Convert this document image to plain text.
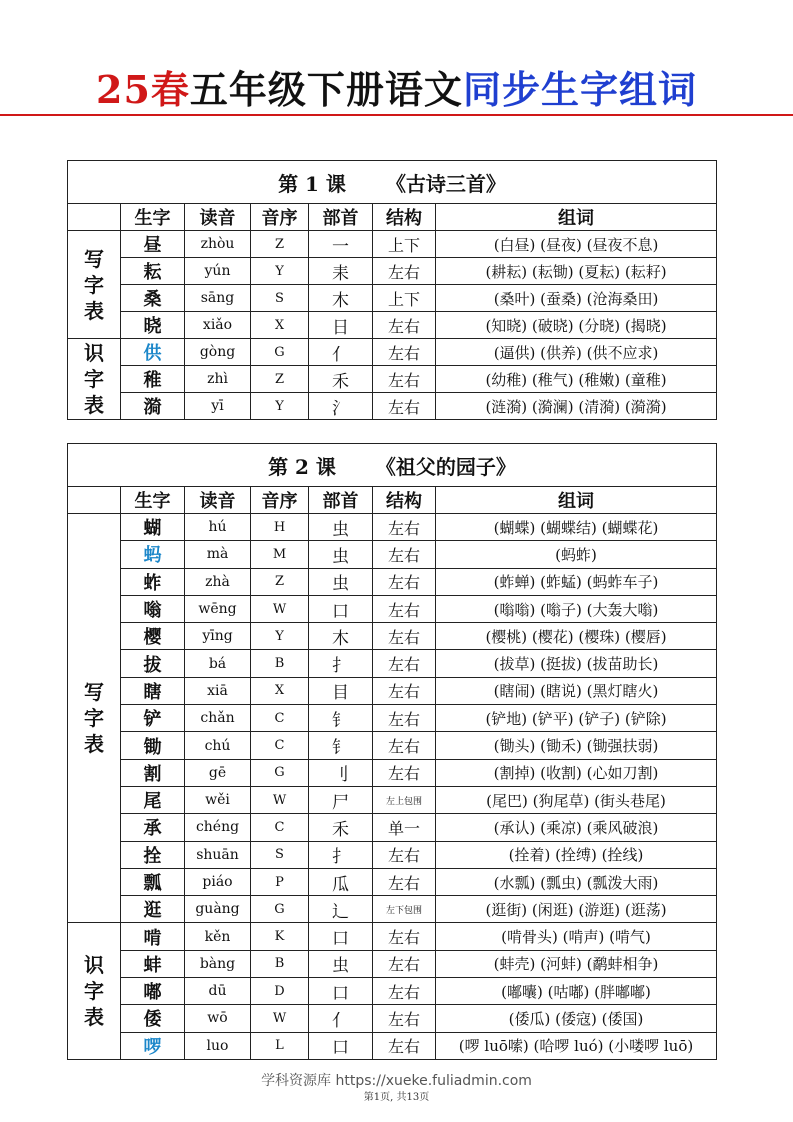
25春五年级下册语文同步生字组词
第 1 课 《古诗三首》						
	生字	读音	音序	部首	结构	组词

写
字
表	昼	zhòu	Z	一	上下	(白昼) (昼夜) (昼夜不息)
	耘	yún	Y	耒	左右	(耕耘) (耘锄) (夏耘) (耘耔)
	桑	sāng	S	木	上下	(桑叶) (蚕桑) (沧海桑田)
	晓	xiǎo	X	日	左右	(知晓) (破晓) (分晓) (揭晓)

识
字
表	供	gòng	G	亻	左右	(逼供) (供养) (供不应求)
	稚	zhì	Z	禾	左右	(幼稚) (稚气) (稚嫩) (童稚)
	漪	yī	Y	氵	左右	(涟漪) (漪澜) (清漪) (漪漪)
第 2 课 《祖父的园子》						
	生字	读音	音序	部首	结构	组词

写
字
表	蝴	hú	H	虫	左右	(蝴蝶) (蝴蝶结) (蝴蝶花)
	蚂	mà	M	虫	左右	(蚂蚱)
	蚱	zhà	Z	虫	左右	(蚱蝉) (蚱蜢) (蚂蚱车子)
	嗡	wēng	W	口	左右	(嗡嗡) (嗡子) (大轰大嗡)
	樱	yīng	Y	木	左右	(樱桃) (樱花) (樱珠) (樱唇)
	拔	bá	B	扌	左右	(拔草) (挺拔) (拔苗助长)
	瞎	xiā	X	目	左右	(瞎闹) (瞎说) (黑灯瞎火)
	铲	chǎn	C	钅	左右	(铲地) (铲平) (铲子) (铲除)
	锄	chú	C	钅	左右	(锄头) (锄禾) (锄强扶弱)
	割	gē	G	刂	左右	(割掉) (收割) (心如刀割)
	尾	wěi	W	尸	左上包围	(尾巴) (狗尾草) (街头巷尾)
	承	chéng	C	禾	单一	(承认) (乘凉) (乘风破浪)
	拴	shuān	S	扌	左右	(拴着) (拴缚) (拴线)
	瓢	piáo	P	瓜	左右	(水瓢) (瓢虫) (瓢泼大雨)
	逛	guàng	G	辶	左下包围	(逛街) (闲逛) (游逛) (逛荡)

识
字
表	啃	kěn	K	口	左右	(啃骨头) (啃声) (啃气)
	蚌	bàng	B	虫	左右	(蚌壳) (河蚌) (鹬蚌相争)
	嘟	dū	D	口	左右	(嘟囔) (咕嘟) (胖嘟嘟)
	倭	wō	W	亻	左右	(倭瓜) (倭寇) (倭国)
	啰	luo	L	口	左右	(啰 luō嗦) (哈啰 luó) (小喽啰 luō)
学科资源库 https://xueke.fuliadmin.com
第1页, 共13页
